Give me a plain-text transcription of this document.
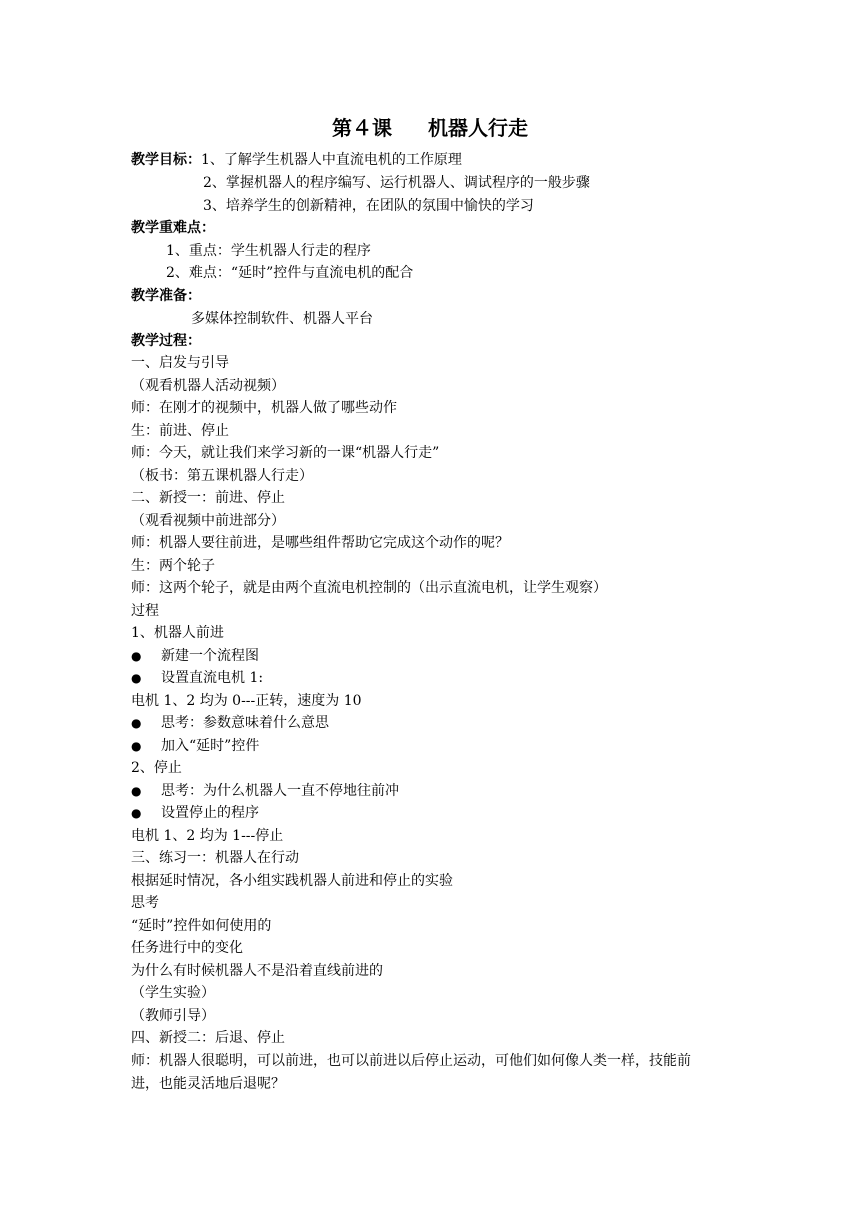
第４课 机器人行走
教学目标：1、了解学生机器人中直流电机的工作原理
2、掌握机器人的程序编写、运行机器人、调试程序的一般步骤
3、培养学生的创新精神，在团队的氛围中愉快的学习
教学重难点：
1、重点：学生机器人行走的程序
2、难点：“延时”控件与直流电机的配合
教学准备：
多媒体控制软件、机器人平台
教学过程：
一、启发与引导
（观看机器人活动视频）
师：在刚才的视频中，机器人做了哪些动作
生：前进、停止
师：今天，就让我们来学习新的一课“机器人行走”
（板书：第五课机器人行走）
二、新授一：前进、停止
（观看视频中前进部分）
师：机器人要往前进，是哪些组件帮助它完成这个动作的呢？
生：两个轮子
师：这两个轮子，就是由两个直流电机控制的（出示直流电机，让学生观察）
过程
1、机器人前进
● 新建一个流程图
● 设置直流电机 1:
电机 1、2 均为 0---正转，速度为 10
● 思考：参数意味着什么意思
● 加入“延时”控件
2、停止
● 思考：为什么机器人一直不停地往前冲
● 设置停止的程序
电机 1、2 均为 1---停止
三、练习一：机器人在行动
根据延时情况，各小组实践机器人前进和停止的实验
思考
“延时”控件如何使用的
任务进行中的变化
为什么有时候机器人不是沿着直线前进的
（学生实验）
（教师引导）
四、新授二：后退、停止
师：机器人很聪明，可以前进，也可以前进以后停止运动，可他们如何像人类一样，技能前
进，也能灵活地后退呢？
